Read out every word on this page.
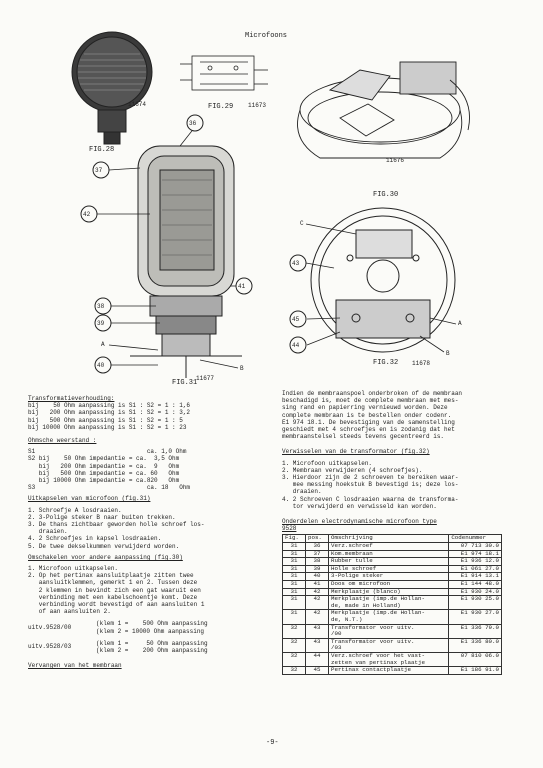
Microfoons
11674
FIG.28
FIG.29 11673
11676
FIG.30
FIG.31
11677
FIG.32 11678
36
37
42
41
38
39
40
A
B
C
43
45
44
A
B
Transformatieverhouding:
bij    50 Ohm aanpassing is S1 : S2 = 1 : 1,6
bij   200 Ohm aanpassing is S1 : S2 = 1 : 3,2
bij   500 Ohm aanpassing is S1 : S2 = 1 : 5
bij 10000 Ohm aanpassing is S1 : S2 = 1 : 23
Ohmsche weerstand :
S1                               ca. 1,0 Ohm
S2 bij    50 Ohm impedantie = ca.  3,5 Ohm
bij   200 Ohm impedantie = ca.  9   Ohm
bij   500 Ohm impedantie = ca. 60   Ohm
bij 10000 Ohm impedantie = ca.820   Ohm
S3                               ca. 18   Ohm
Uitkapselen van microfoon (fig.31)
1. Schroefje A losdraaien.
2. 3-Polige steker B naar buiten trekken.
3. De thans zichtbaar geworden holle schroef los-
draaien.
4. 2 Schroefjes in kapsel losdraaien.
5. De twee dekselkummen verwijderd worden.
Omschakelen voor andere aanpassing (fig.30)
1. Microfoon uitkapselen.
2. Op het pertinax aansluitplaatje zitten twee
aansluitklemmen, gemerkt 1 en 2. Tussen deze
2 klemmen in bevindt zich een gat waaruit een
verbinding met een kabelschoentje komt. Deze
verbinding wordt bevestigd of aan aansluiten 1
of aan aansluiten 2.
uitv.9528/00
(klem 1 =    500 Ohm aanpassing
(klem 2 = 10000 Ohm aanpassing
uitv.9528/03
(klem 1 =     50 Ohm aanpassing
(klem 2 =    200 Ohm aanpassing
Vervangen van het membraan
Indien de membraanspoel onderbroken of de membraan
beschadigd is, moet de complete membraan met mes-
sing rand en papierring vernieuwd worden. Deze
complete membraan is te bestellen onder codenr.
E1 974 18.1. De bevestiging van de samenstelling
geschiedt met 4 schroefjes en is zodanig dat het
membraanstelsel steeds tevens gecentreerd is.
Verwisselen van de transformator (fig.32)
1. Microfoon uitkapselen.
2. Membraan verwijderen (4 schroefjes).
3. Hierdoor zijn de 2 schroeven te bereiken waar-
mee messing hoekstuk B bevestigd is; deze los-
draaien.
4. 2 Schroeven C losdraaien waarna de transforma-
tor verwijderd en verwisseld kan worden.
Onderdelen electrodynamische microfoon type
9528
Fig.	pos.	Omschrijving	Codenummer
31	36	Verz.schroef	07 713 30.0
31	37	Kom.membraan	E1 974 18.1
31	38	Rubber tulle	E1 936 12.0
31	39	Holle schroef	E1 061 27.0
31	40	3-Polige steker	E1 914 13.1
31	41	Doos om microfoon	E1 144 48.0
31	42	Merkplaatje (blanco)	E1 930 24.0
31	42	Merkplaatje (imp.de Hollan-
de, made in Holland)	E1 930 25.0
31	42	Merkplaatje (imp.de Hollan-
de, N.T.)	E1 930 27.0
32	43	Transformator voor uitv.
/00	E1 336 79.0
32	43	Transformator voor uitv.
/03	E1 336 80.0
32	44	Verz.schroef voor het vast-
zetten van pertinax plaatje	07 810 06.0
32	45	Pertinax contactplaatje	E1 186 91.0
-9-
